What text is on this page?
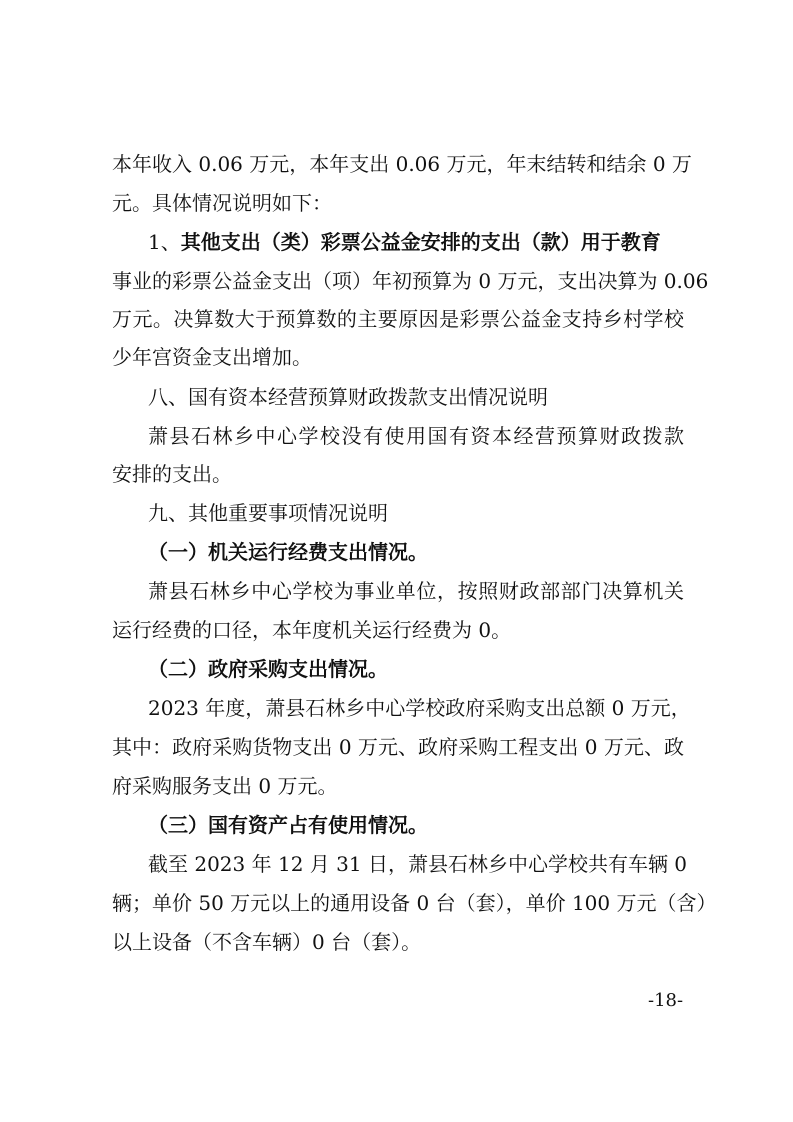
本年收入 0.06 万元，本年支出 0.06 万元，年末结转和结余 0 万
元。具体情况说明如下：
1、其他支出（类）彩票公益金安排的支出（款）用于教育
事业的彩票公益金支出（项）年初预算为 0 万元，支出决算为 0.06
万元。决算数大于预算数的主要原因是彩票公益金支持乡村学校
少年宫资金支出增加。
八、国有资本经营预算财政拨款支出情况说明
萧县石林乡中心学校没有使用国有资本经营预算财政拨款
安排的支出。
九、其他重要事项情况说明
（一）机关运行经费支出情况。
萧县石林乡中心学校为事业单位，按照财政部部门决算机关
运行经费的口径，本年度机关运行经费为 0。
（二）政府采购支出情况。
2023 年度，萧县石林乡中心学校政府采购支出总额 0 万元，
其中：政府采购货物支出 0 万元、政府采购工程支出 0 万元、政
府采购服务支出 0 万元。
（三）国有资产占有使用情况。
截至 2023 年 12 月 31 日，萧县石林乡中心学校共有车辆 0
辆；单价 50 万元以上的通用设备 0 台（套），单价 100 万元（含）
以上设备（不含车辆）0 台（套）。
-18-
